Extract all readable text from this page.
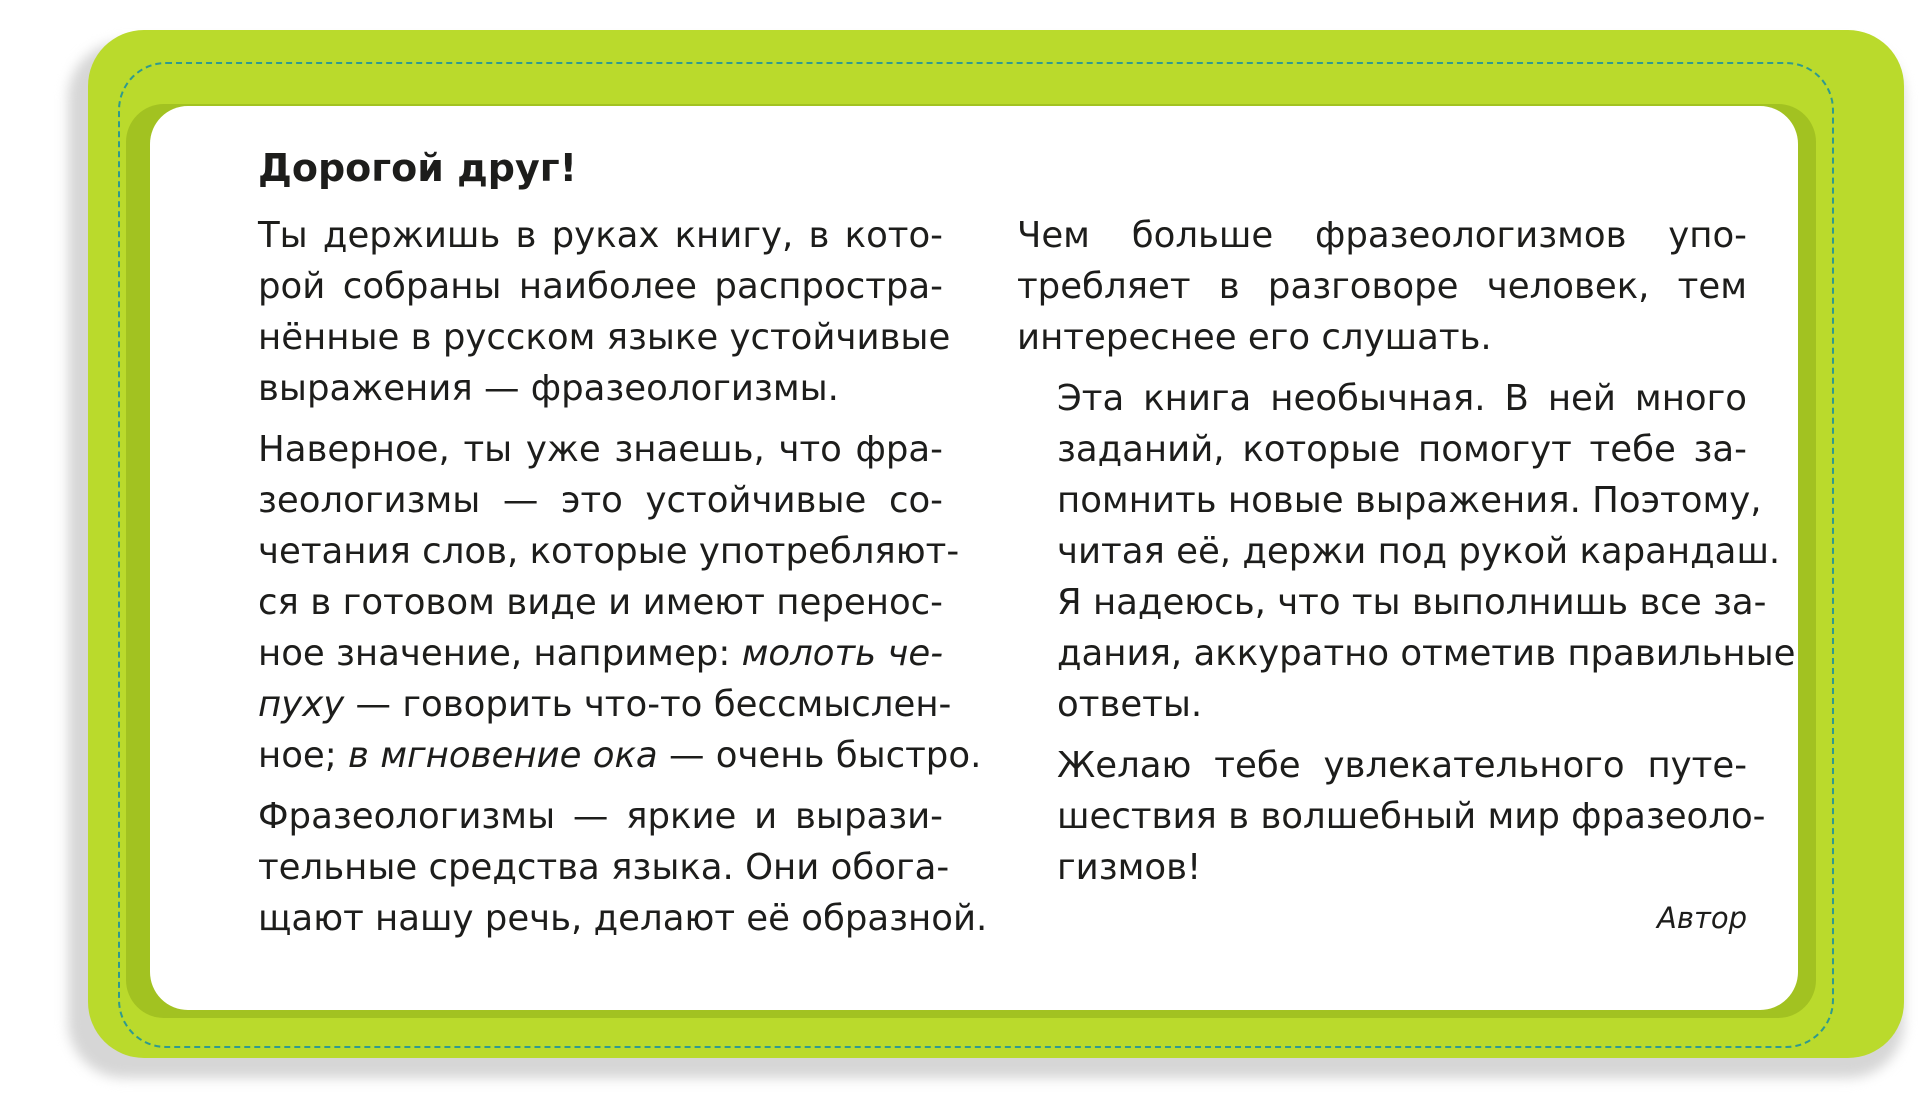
Дорогой друг!

Ты держишь в руках книгу, в кото-
рой собраны наиболее распростра-
нённые в русском языке устойчивые
выражения — фразеологизмы.

Наверное, ты уже знаешь, что фра-
зеологизмы — это устойчивые со-
четания слов, которые употребляют-
ся в готовом виде и имеют перенос-
ное значение, например: молоть че-
пуху — говорить что-то бессмыслен-
ное; в мгновение ока — очень быстро.

Фразеологизмы — яркие и вырази-
тельные средства языка. Они обога-
щают нашу речь, делают её образной.

Чем больше фразеологизмов упо-
требляет в разговоре человек, тем
интереснее его слушать.

Эта книга необычная. В ней много
заданий, которые помогут тебе за-
помнить новые выражения. Поэтому,
читая её, держи под рукой карандаш.
Я надеюсь, что ты выполнишь все за-
дания, аккуратно отметив правильные
ответы.

Желаю тебе увлекательного путе-
шествия в волшебный мир фразеоло-
гизмов!

Автор
